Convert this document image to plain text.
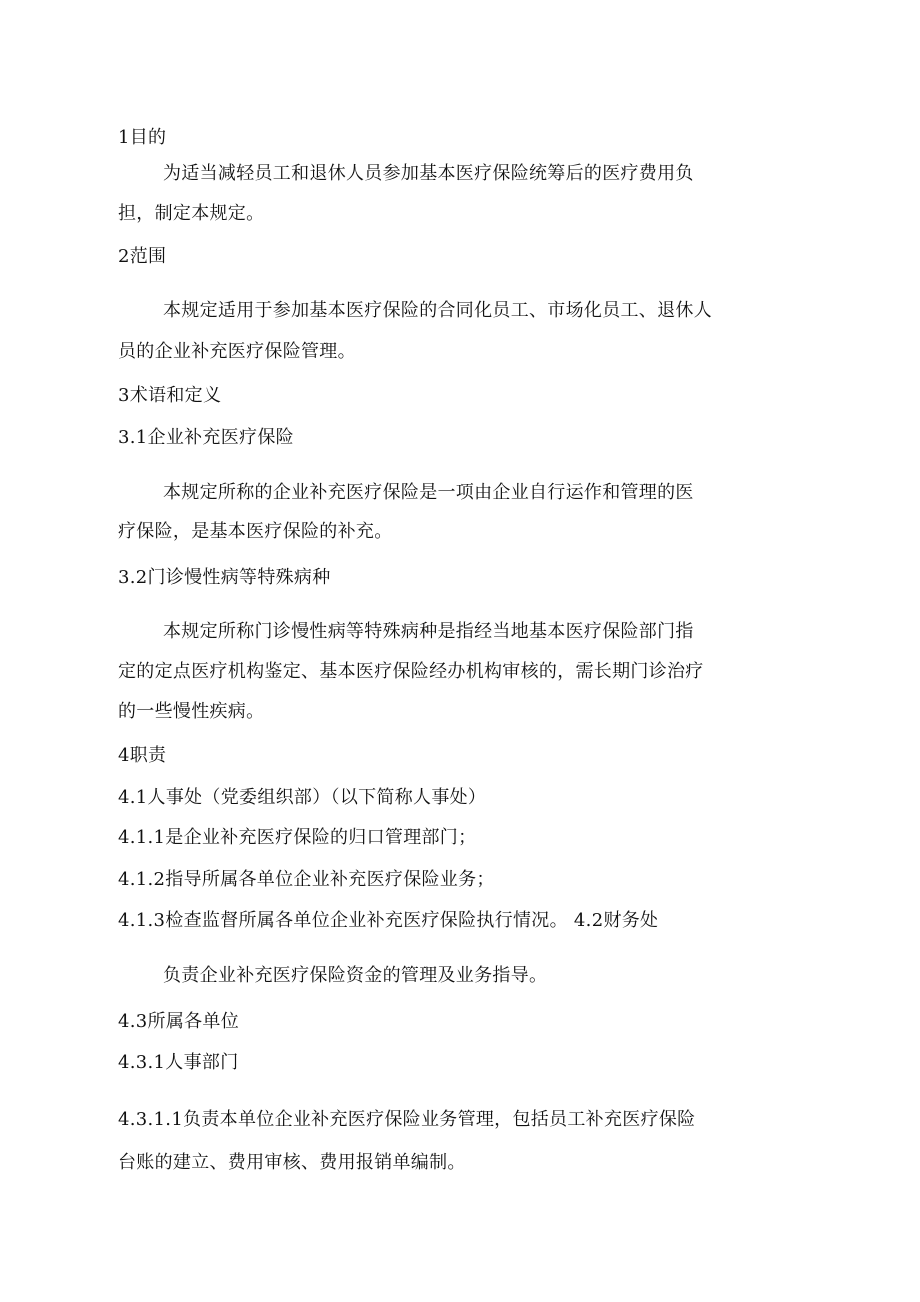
1目的
为适当减轻员工和退休人员参加基本医疗保险统筹后的医疗费用负
担，制定本规定。
2范围
本规定适用于参加基本医疗保险的合同化员工、市场化员工、退休人
员的企业补充医疗保险管理。
3术语和定义
3.1企业补充医疗保险
本规定所称的企业补充医疗保险是一项由企业自行运作和管理的医
疗保险，是基本医疗保险的补充。
3.2门诊慢性病等特殊病种
本规定所称门诊慢性病等特殊病种是指经当地基本医疗保险部门指
定的定点医疗机构鉴定、基本医疗保险经办机构审核的，需长期门诊治疗
的一些慢性疾病。
4职责
4.1人事处（党委组织部）（以下简称人事处）
4.1.1是企业补充医疗保险的归口管理部门；
4.1.2指导所属各单位企业补充医疗保险业务；
4.1.3检查监督所属各单位企业补充医疗保险执行情况。 4.2财务处
负责企业补充医疗保险资金的管理及业务指导。
4.3所属各单位
4.3.1人事部门
4.3.1.1负责本单位企业补充医疗保险业务管理，包括员工补充医疗保险
台账的建立、费用审核、费用报销单编制。
